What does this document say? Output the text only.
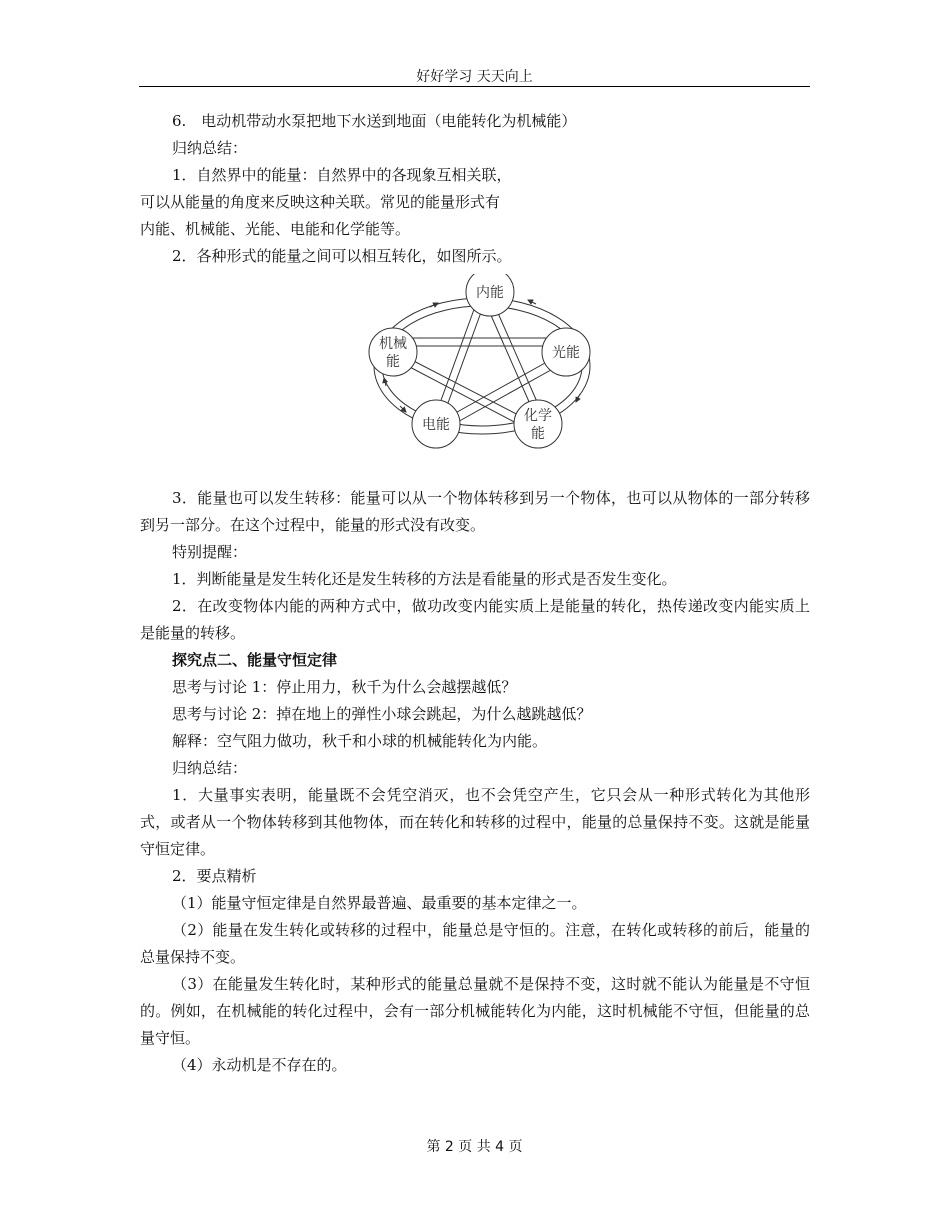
好好学习 天天向上

6.　电动机带动水泵把地下水送到地面（电能转化为机械能）

归纳总结：

1．自然界中的能量：自然界中的各现象互相关联，

可以从能量的角度来反映这种关联。常见的能量形式有

内能、机械能、光能、电能和化学能等。

2．各种形式的能量之间可以相互转化，如图所示。

内能
机械
能
光能
电能
化学
能

3．能量也可以发生转移：能量可以从一个物体转移到另一个物体，也可以从物体的一部分转移到另一部分。在这个过程中，能量的形式没有改变。

特别提醒：

1．判断能量是发生转化还是发生转移的方法是看能量的形式是否发生变化。

2．在改变物体内能的两种方式中，做功改变内能实质上是能量的转化，热传递改变内能实质上是能量的转移。

探究点二、能量守恒定律

思考与讨论 1：停止用力，秋千为什么会越摆越低？

思考与讨论 2：掉在地上的弹性小球会跳起，为什么越跳越低？

解释：空气阻力做功，秋千和小球的机械能转化为内能。

归纳总结：

1．大量事实表明，能量既不会凭空消灭，也不会凭空产生，它只会从一种形式转化为其他形式，或者从一个物体转移到其他物体，而在转化和转移的过程中，能量的总量保持不变。这就是能量守恒定律。

2．要点精析

（1）能量守恒定律是自然界最普遍、最重要的基本定律之一。

（2）能量在发生转化或转移的过程中，能量总是守恒的。注意，在转化或转移的前后，能量的总量保持不变。

（3）在能量发生转化时，某种形式的能量总量就不是保持不变，这时就不能认为能量是不守恒的。例如，在机械能的转化过程中，会有一部分机械能转化为内能，这时机械能不守恒，但能量的总量守恒。

（4）永动机是不存在的。

第 2 页 共 4 页
